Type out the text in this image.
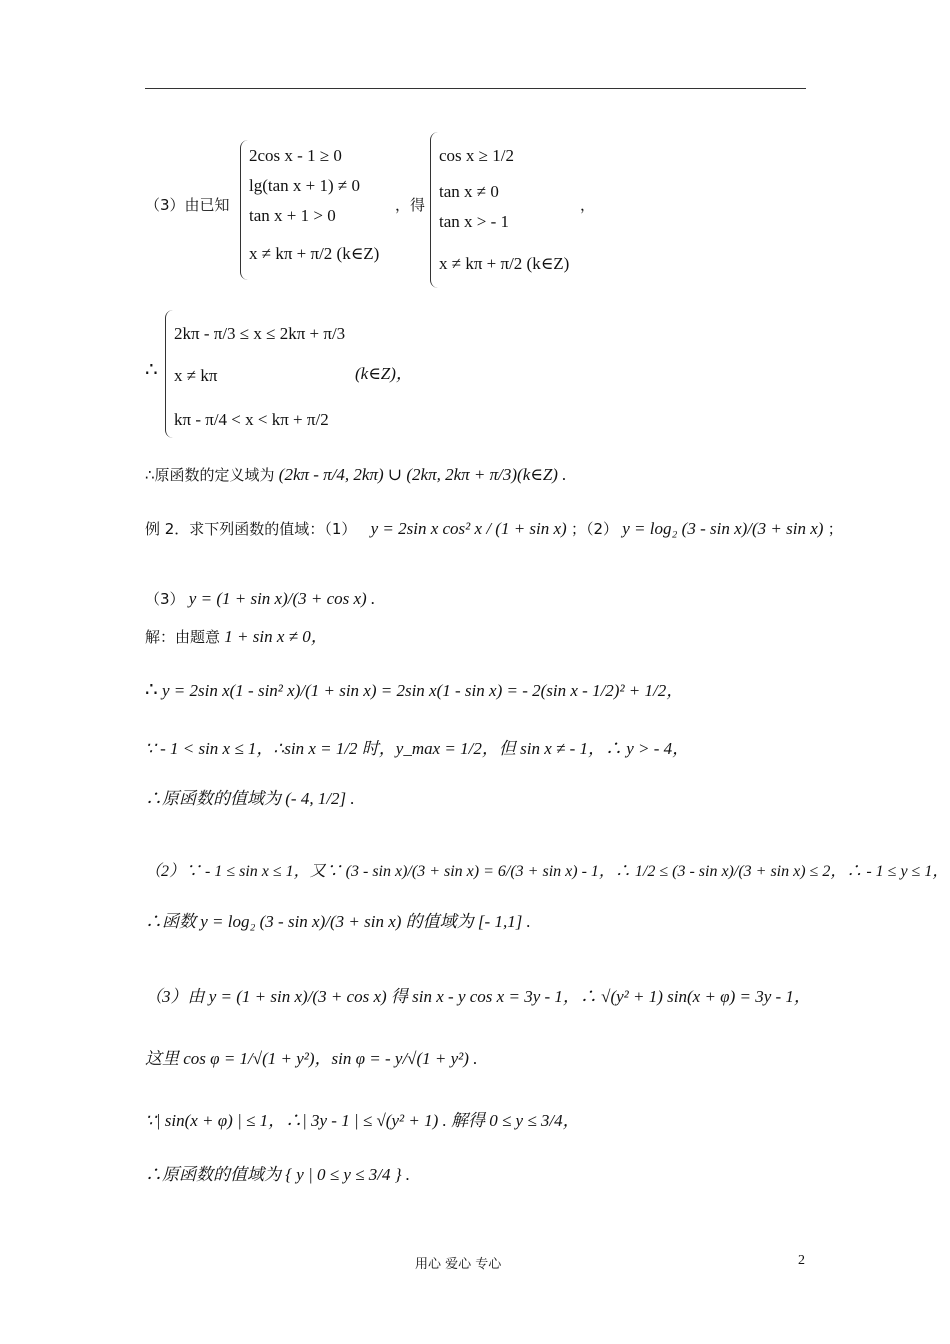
（3）由已知
2cos x - 1 ≥ 0
lg(tan x + 1) ≠ 0
tan x + 1 > 0
x ≠ kπ + π/2 (k∈Z)
，得
cos x ≥ 1/2
tan x ≠ 0
tan x > - 1
x ≠ kπ + π/2 (k∈Z)
，
∴
2kπ - π/3 ≤ x ≤ 2kπ + π/3
x ≠ kπ
kπ - π/4 < x < kπ + π/2
(k∈Z)，
∴原函数的定义域为 (2kπ - π/4, 2kπ) ∪ (2kπ, 2kπ + π/3)(k∈Z) .
例 2．求下列函数的值域：（1） y = 2sin x cos² x / (1 + sin x) ；（2） y = log₂ (3 - sin x)/(3 + sin x) ；
（3） y = (1 + sin x)/(3 + cos x) .
解：由题意 1 + sin x ≠ 0，
∴ y = 2sin x(1 - sin² x)/(1 + sin x) = 2sin x(1 - sin x) = - 2(sin x - 1/2)² + 1/2，
∵ - 1 < sin x ≤ 1，∴sin x = 1/2 时，y_max = 1/2，但 sin x ≠ - 1，∴ y > - 4，
∴原函数的值域为 (- 4, 1/2] .
（2）∵ - 1 ≤ sin x ≤ 1，又∵ (3 - sin x)/(3 + sin x) = 6/(3 + sin x) - 1，∴ 1/2 ≤ (3 - sin x)/(3 + sin x) ≤ 2，∴ - 1 ≤ y ≤ 1，
∴函数 y = log₂ (3 - sin x)/(3 + sin x) 的值域为 [- 1,1] .
（3）由 y = (1 + sin x)/(3 + cos x) 得 sin x - y cos x = 3y - 1，∴ √(y² + 1) sin(x + φ) = 3y - 1，
这里 cos φ = 1/√(1 + y²)，sin φ = - y/√(1 + y²) .
∵| sin(x + φ) | ≤ 1，∴| 3y - 1 | ≤ √(y² + 1) . 解得 0 ≤ y ≤ 3/4，
∴原函数的值域为 { y | 0 ≤ y ≤ 3/4 } .
用心 爱心 专心	2
